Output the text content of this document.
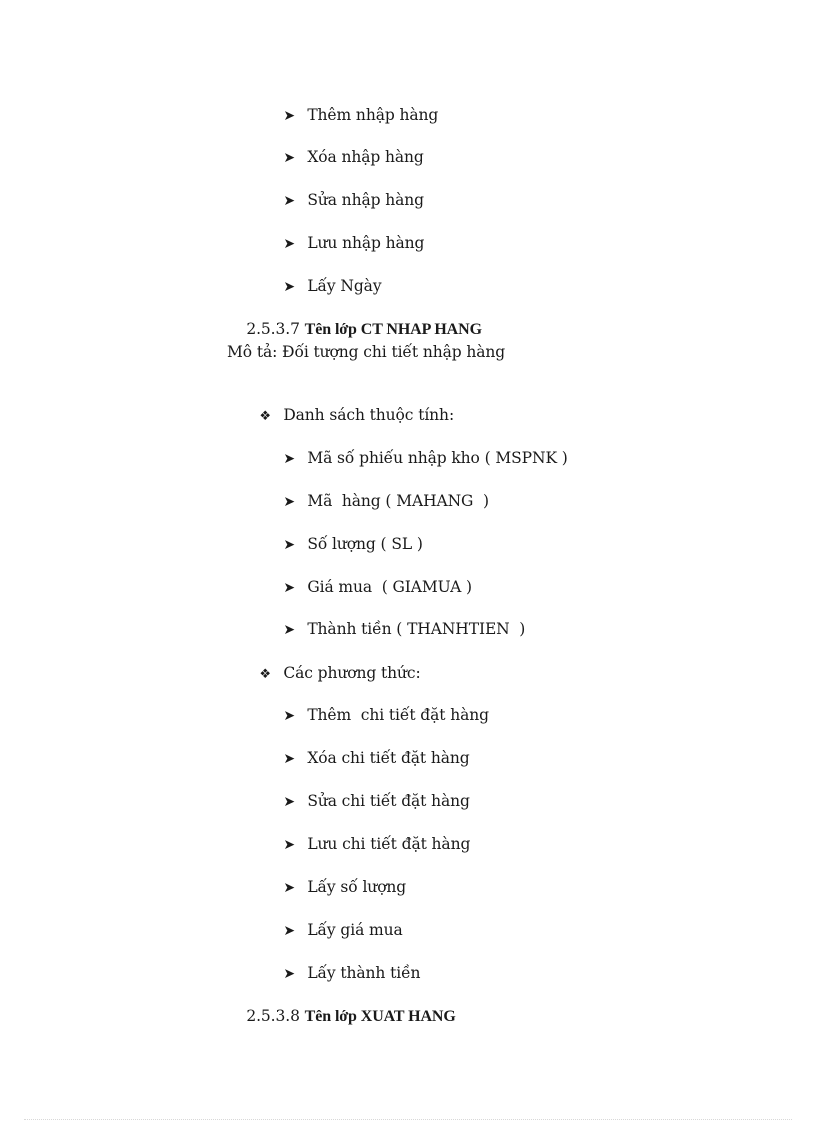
➤ Thêm nhập hàng

➤ Xóa nhập hàng

➤ Sửa nhập hàng

➤ Lưu nhập hàng

➤ Lấy Ngày

2.5.3.7 Tên lớp CT NHAP HANG

Mô tả: Đối tượng chi tiết nhập hàng

❖ Danh sách thuộc tính:

➤ Mã số phiếu nhập kho ( MSPNK )

➤ Mã  hàng ( MAHANG  )

➤ Số lượng ( SL )

➤ Giá mua  ( GIAMUA )

➤ Thành tiền ( THANHTIEN  )

❖ Các phương thức:

➤ Thêm  chi tiết đặt hàng

➤ Xóa chi tiết đặt hàng

➤ Sửa chi tiết đặt hàng

➤ Lưu chi tiết đặt hàng

➤ Lấy số lượng

➤ Lấy giá mua

➤ Lấy thành tiền

2.5.3.8 Tên lớp XUAT HANG
